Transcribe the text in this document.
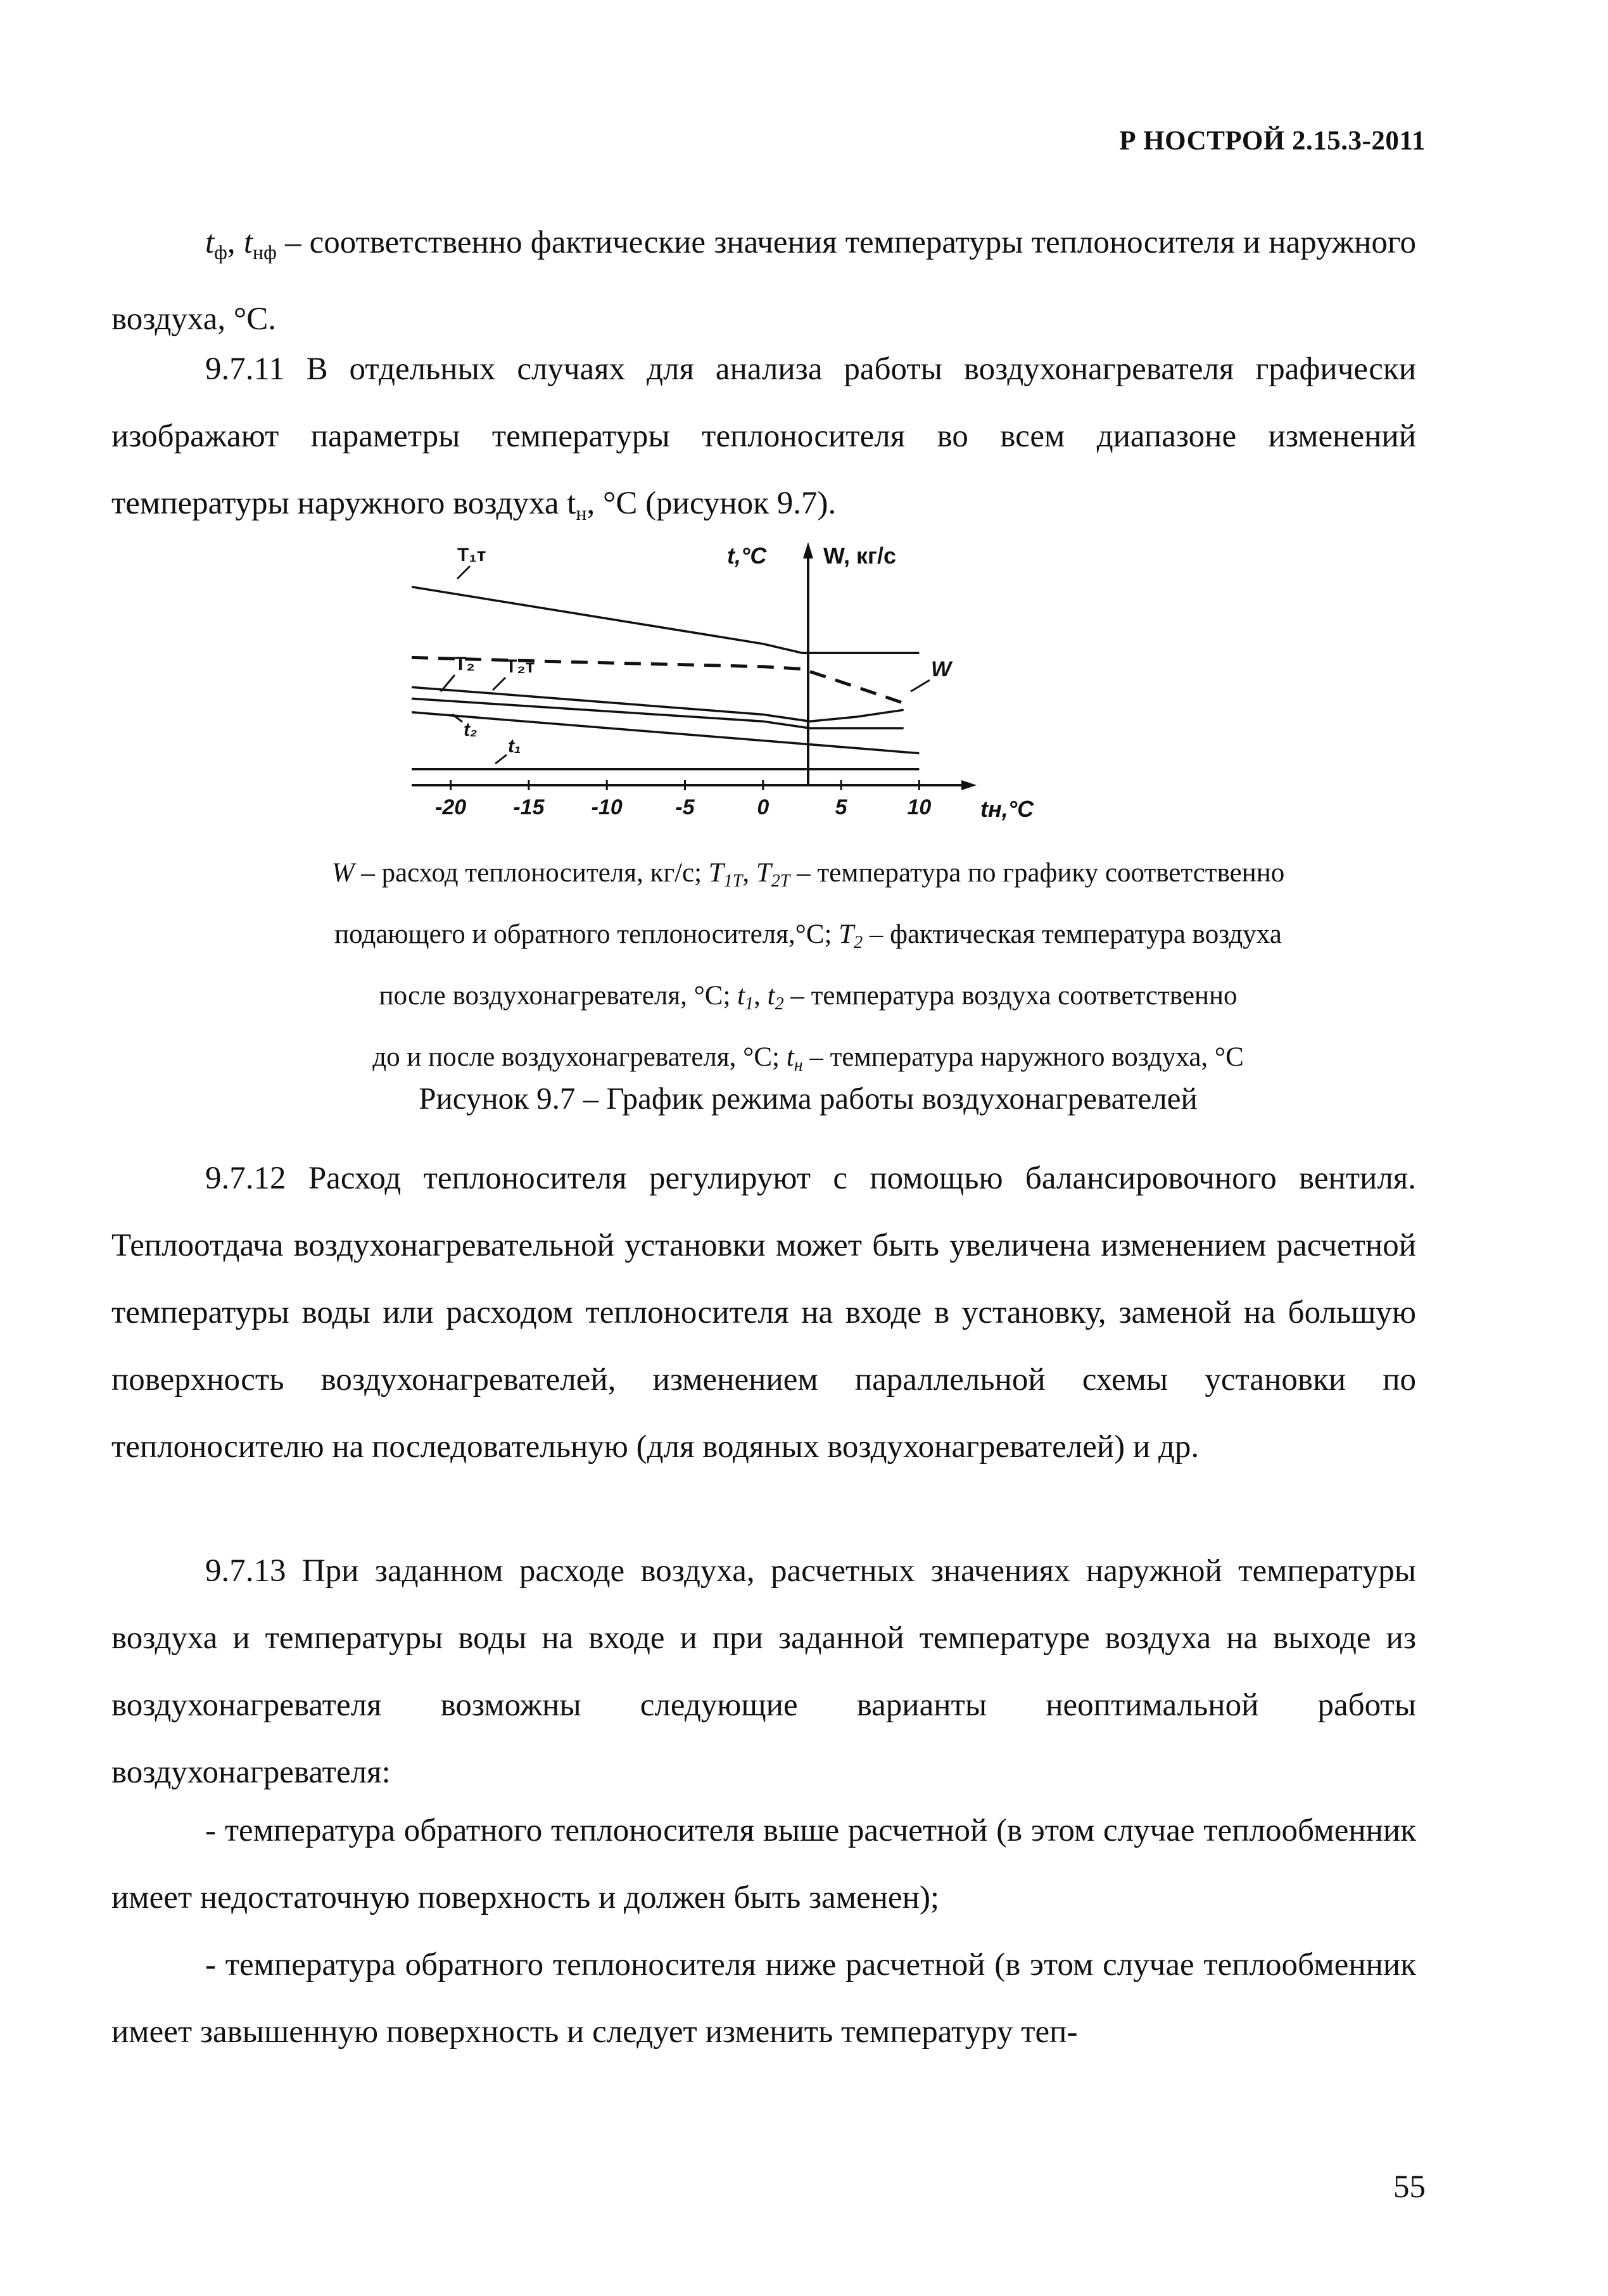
Р НОСТРОЙ 2.15.3-2011

$t_ф$, $t_{нф}$ – соответственно фактические значения температуры теплоносителя и наружного воздуха, °С.

9.7.11 В отдельных случаях для анализа работы воздухонагревателя графически изображают параметры температуры теплоносителя во всем диапазоне изменений температуры наружного воздуха $t_н$, °С (рисунок 9.7).

-20 -15 -10 -5	0	5	10
t,°C W, кг/с
tн,°C
T₁т
T₂ T₂т	W
t₂
t₁
W – расход теплоносителя, кг/с; T1T, T2T – температура по графику соответственно
подающего и обратного теплоносителя,°С; T2 – фактическая температура воздуха
после воздухонагревателя, °С; t1, t2 – температура воздуха соответственно
до и после воздухонагревателя, °С; tн – температура наружного воздуха, °С
Рисунок 9.7 – График режима работы воздухонагревателей

9.7.12 Расход теплоносителя регулируют с помощью балансировочного вентиля. Теплоотдача воздухонагревательной установки может быть увеличена изменением расчетной температуры воды или расходом теплоносителя на входе в установку, заменой на большую поверхность воздухонагревателей, изменением параллельной схемы установки по теплоносителю на последовательную (для водяных воздухонагревателей) и др.

9.7.13 При заданном расходе воздуха, расчетных значениях наружной температуры воздуха и температуры воды на входе и при заданной температуре воздуха на выходе из воздухонагревателя возможны следующие варианты неоптимальной работы воздухонагревателя:

- температура обратного теплоносителя выше расчетной (в этом случае теплообменник имеет недостаточную поверхность и должен быть заменен);

- температура обратного теплоносителя ниже расчетной (в этом случае теплообменник имеет завышенную поверхность и следует изменить температуру теп-

55
